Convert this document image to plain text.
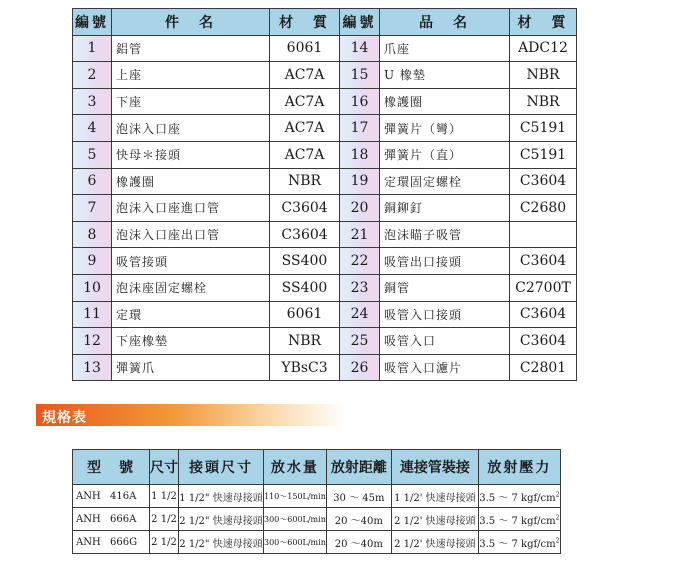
編號	件　名	材　質	編號	品　名	材　質
1	鋁管	6061	14	爪座	ADC12
2	上座	AC7A	15	U 橡墊	NBR
3	下座	AC7A	16	橡護圈	NBR
4	泡沫入口座	AC7A	17	彈簧片（彎）	C5191
5	快母＊接頭	AC7A	18	彈簧片（直）	C5191
6	橡護圈	NBR	19	定環固定螺栓	C3604
7	泡沫入口座進口管	C3604	20	銅鉚釘	C2680
8	泡沫入口座出口管	C3604	21	泡沫瞄子吸管	
9	吸管接頭	SS400	22	吸管出口接頭	C3604
10	泡沫座固定螺栓	SS400	23	銅管	C2700T
11	定環	6061	24	吸管入口接頭	C3604
12	下座橡墊	NBR	25	吸管入口	C3604
13	彈簧爪	YBsC3	26	吸管入口濾片	C2801
規格表
型　號	尺寸	接頭尺寸	放水量	放射距離	連接管裝接	放射壓力
ANH 416A	1 1/2	1 1/2" 快速母接頭	110～150L/min	30 ～ 45m	1 1/2' 快速母接頭	3.5 ～ 7 kgf/$cm^2$
ANH 666A	2 1/2	2 1/2" 快速母接頭	300～600L/min	20 ～40m	2 1/2' 快速母接頭	3.5 ～ 7 kgf/$cm^2$
ANH 666G	2 1/2	2 1/2" 快速母接頭	300～600L/min	20 ～40m	2 1/2' 快速母接頭	3.5 ～ 7 kgf/$cm^2$
